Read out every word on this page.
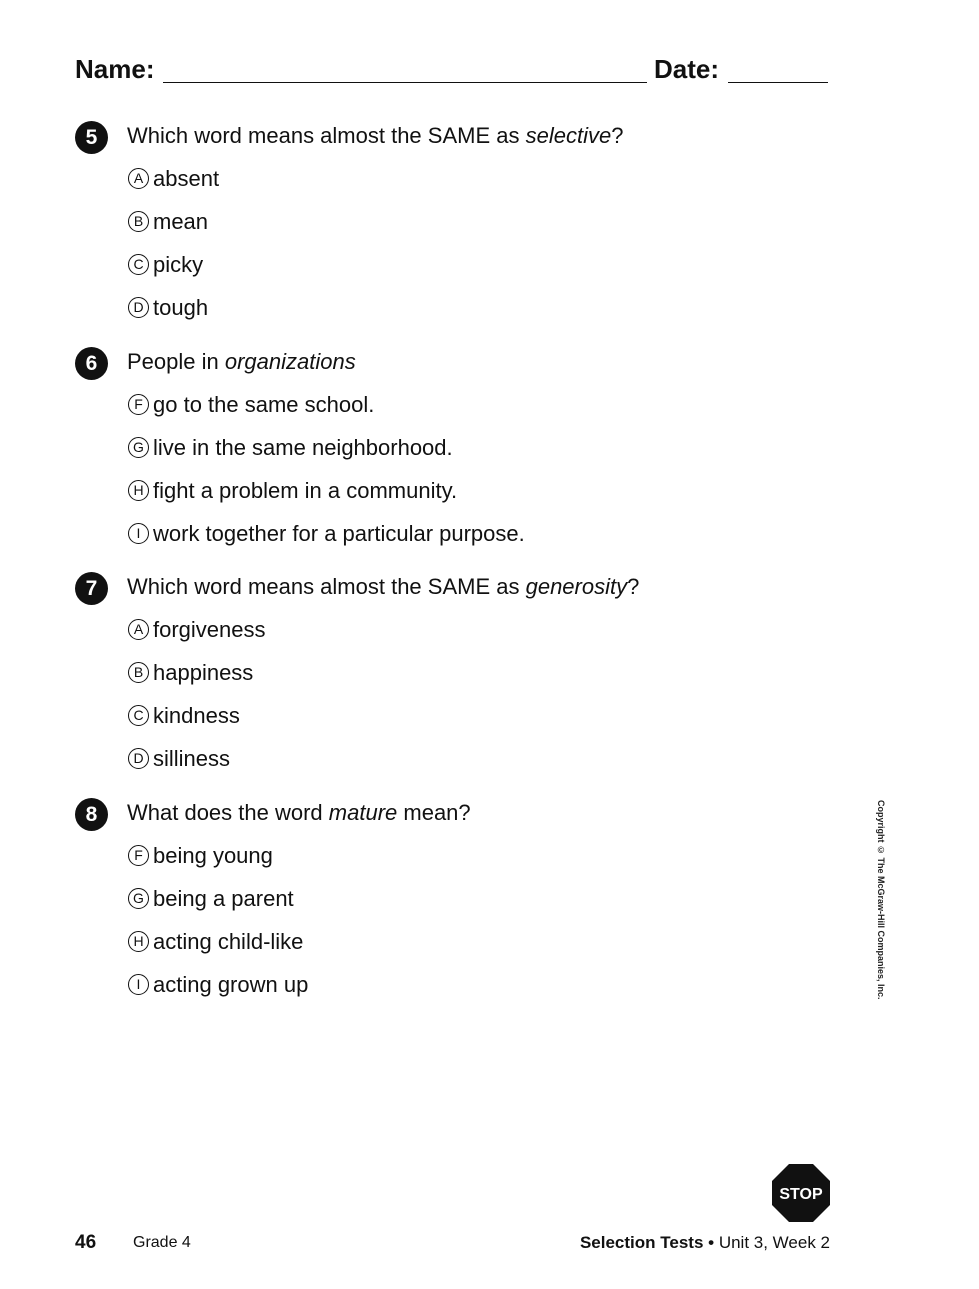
Name:	Date:
5	Which word means almost the SAME as selective?
A absent
B mean
C picky
D tough
6	People in organizations
F go to the same school.
G live in the same neighborhood.
H fight a problem in a community.
I work together for a particular purpose.
7	Which word means almost the SAME as generosity?
A forgiveness
B happiness
C kindness
D silliness
8	What does the word mature mean?
F being young
G being a parent
H acting child-like
I acting grown up	Copyright © The McGraw-Hill Companies, Inc.
STOP
46 Grade 4	Selection Tests • Unit 3, Week 2
